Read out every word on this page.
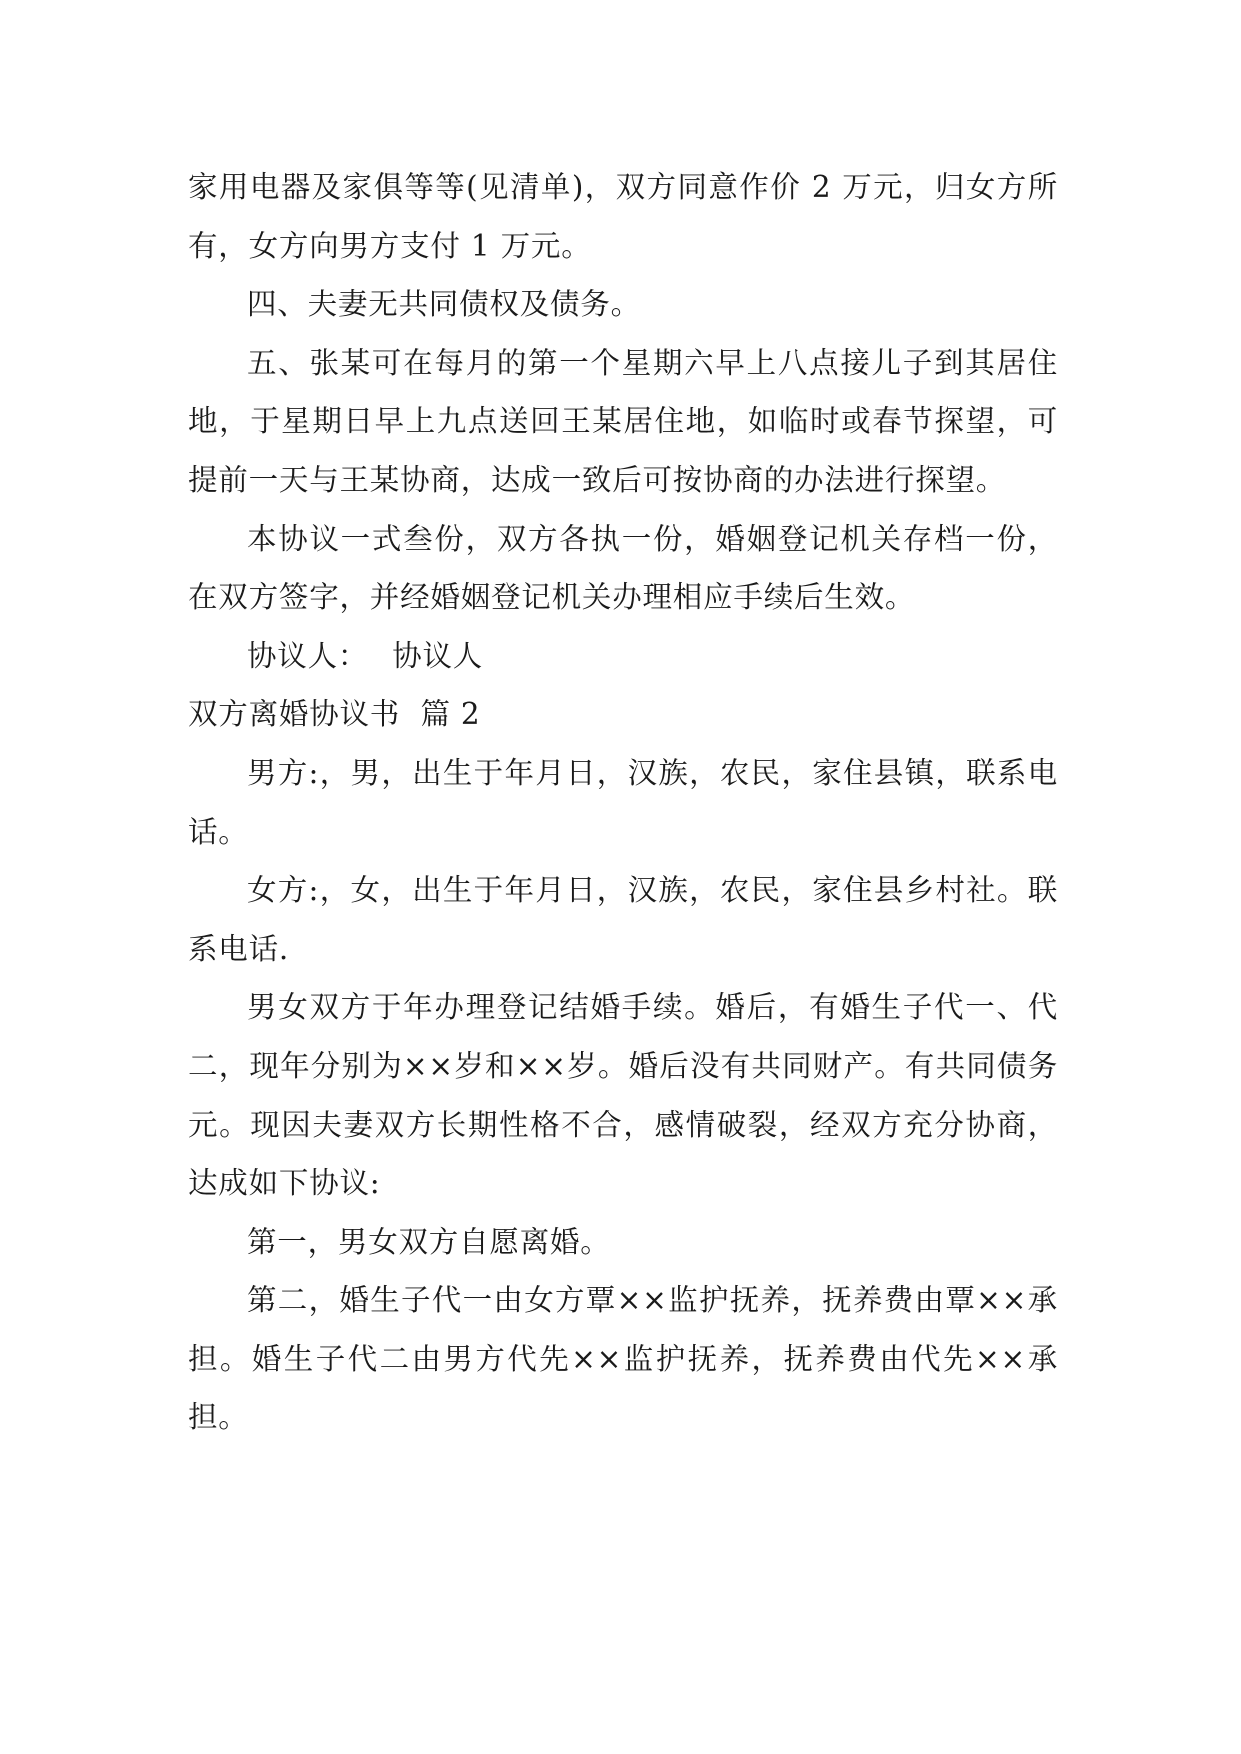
家用电器及家俱等等(见清单)，双方同意作价 2 万元，归女方所有，女方向男方支付 1 万元。

四、夫妻无共同债权及债务。

五、张某可在每月的第一个星期六早上八点接儿子到其居住地，于星期日早上九点送回王某居住地，如临时或春节探望，可提前一天与王某协商，达成一致后可按协商的办法进行探望。

本协议一式叁份，双方各执一份，婚姻登记机关存档一份，在双方签字，并经婚姻登记机关办理相应手续后生效。

协议人： 协议人

双方离婚协议书  篇 2

男方:，男，出生于年月日，汉族，农民，家住县镇，联系电话。

女方:，女，出生于年月日，汉族，农民，家住县乡村社。联系电话.

男女双方于年办理登记结婚手续。婚后，有婚生子代一、代二，现年分别为××岁和××岁。婚后没有共同财产。有共同债务元。现因夫妻双方长期性格不合，感情破裂，经双方充分协商，达成如下协议:

第一，男女双方自愿离婚。

第二，婚生子代一由女方覃××监护抚养，抚养费由覃××承担。婚生子代二由男方代先××监护抚养，抚养费由代先××承担。
